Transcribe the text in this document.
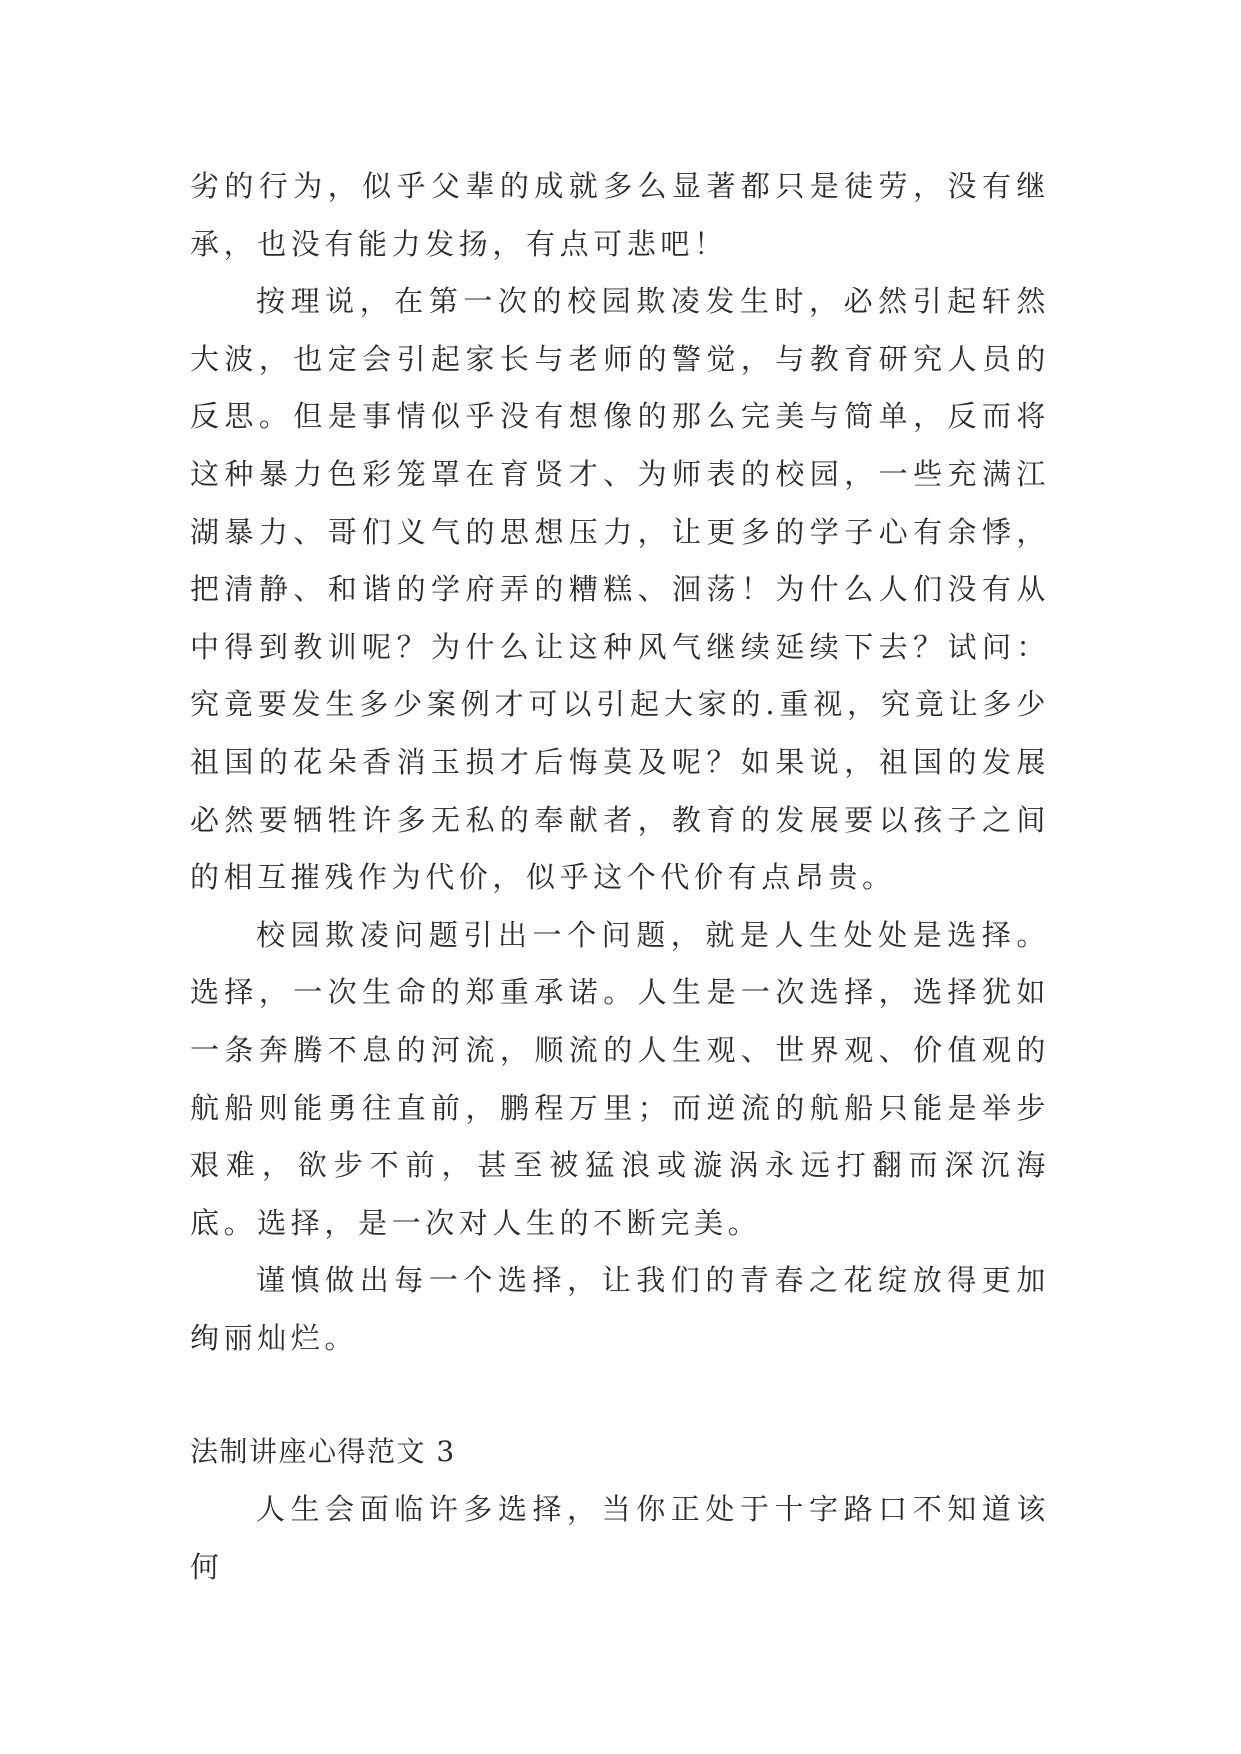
劣的行为，似乎父辈的成就多么显著都只是徒劳，没有继承，也没有能力发扬，有点可悲吧！

按理说，在第一次的校园欺凌发生时，必然引起轩然大波，也定会引起家长与老师的警觉，与教育研究人员的反思。但是事情似乎没有想像的那么完美与简单，反而将这种暴力色彩笼罩在育贤才、为师表的校园，一些充满江湖暴力、哥们义气的思想压力，让更多的学子心有余悸，把清静、和谐的学府弄的糟糕、洄荡！为什么人们没有从中得到教训呢？为什么让这种风气继续延续下去？试问：究竟要发生多少案例才可以引起大家的.重视，究竟让多少祖国的花朵香消玉损才后悔莫及呢？如果说，祖国的发展必然要牺牲许多无私的奉献者，教育的发展要以孩子之间的相互摧残作为代价，似乎这个代价有点昂贵。

校园欺凌问题引出一个问题，就是人生处处是选择。选择，一次生命的郑重承诺。人生是一次选择，选择犹如一条奔腾不息的河流，顺流的人生观、世界观、价值观的航船则能勇往直前，鹏程万里；而逆流的航船只能是举步艰难，欲步不前，甚至被猛浪或漩涡永远打翻而深沉海底。选择，是一次对人生的不断完美。

谨慎做出每一个选择，让我们的青春之花绽放得更加绚丽灿烂。

法制讲座心得范文 3

人生会面临许多选择，当你正处于十字路口不知道该何
